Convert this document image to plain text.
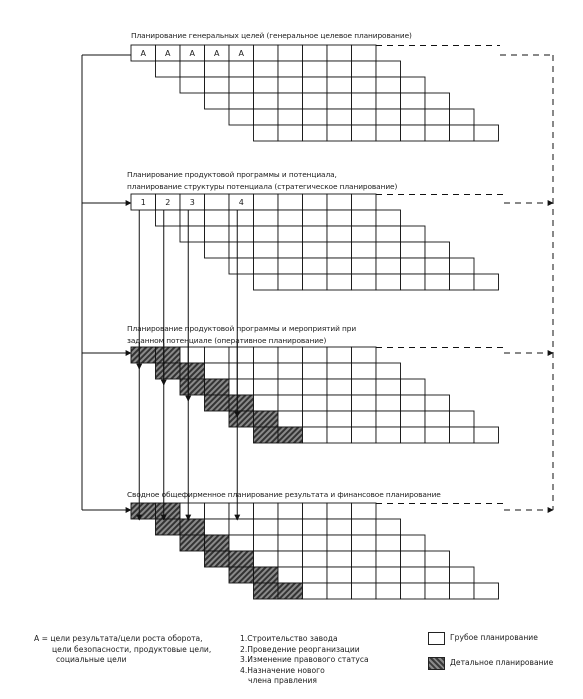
Планирование генеральных целей (генеральное целевое планирование)
A A A A A
Планирование продуктовой программы и потенциала,
планирование структуры потенциала (стратегическое планирование)
1 2 3	4
Планирование продуктовой программы и мероприятий при
заданном потенциале (оперативное планирование)
Сводное общефирменное планирование результата и финансовое планирование
A = цели результата/цели роста оборота,
цели безопасности, продуктовые цели,
социальные цели
1.Строительство завода
2.Проведение реорганизации
3.Изменение правового статуса
4.Назначение нового
члена правления
Грубое планирование
Детальное планирование
